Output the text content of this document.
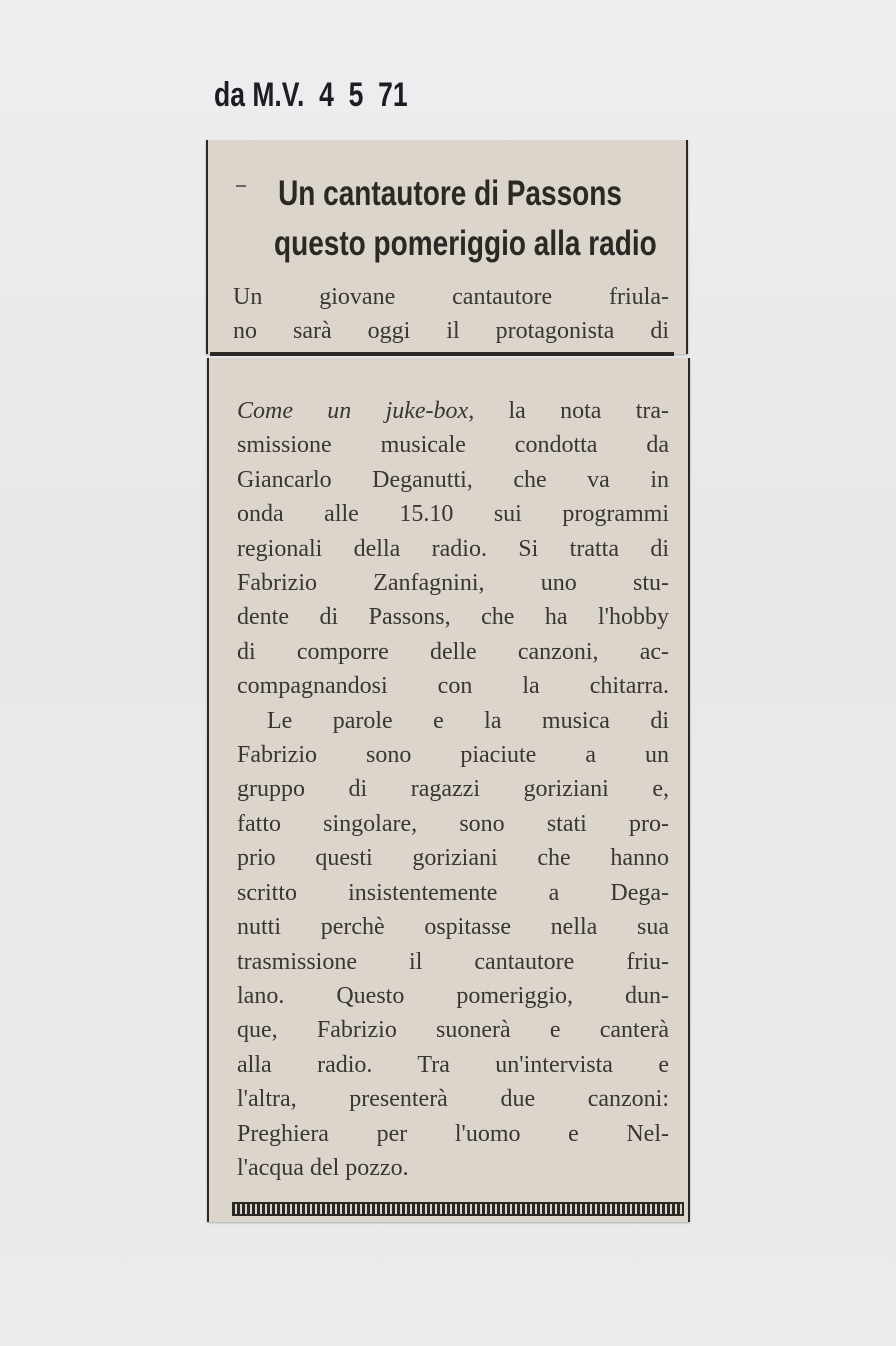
da M.V.  4  5  71
Un cantautore di Passons
questo pomeriggio alla radio
Un giovane cantautore friula-
no sarà oggi il protagonista di
Come un juke-box, la nota tra-
smissione musicale condotta da
Giancarlo Deganutti, che va in
onda alle 15.10 sui programmi
regionali della radio. Si tratta di
Fabrizio Zanfagnini, uno stu-
dente di Passons, che ha l'hobby
di comporre delle canzoni, ac-
compagnandosi con la chitarra.
Le parole e la musica di
Fabrizio sono piaciute a un
gruppo di ragazzi goriziani e,
fatto singolare, sono stati pro-
prio questi goriziani che hanno
scritto insistentemente a Dega-
nutti perchè ospitasse nella sua
trasmissione il cantautore friu-
lano. Questo pomeriggio, dun-
que, Fabrizio suonerà e canterà
alla radio. Tra un'intervista e
l'altra, presenterà due canzoni:
Preghiera per l'uomo e Nel-
l'acqua del pozzo.
